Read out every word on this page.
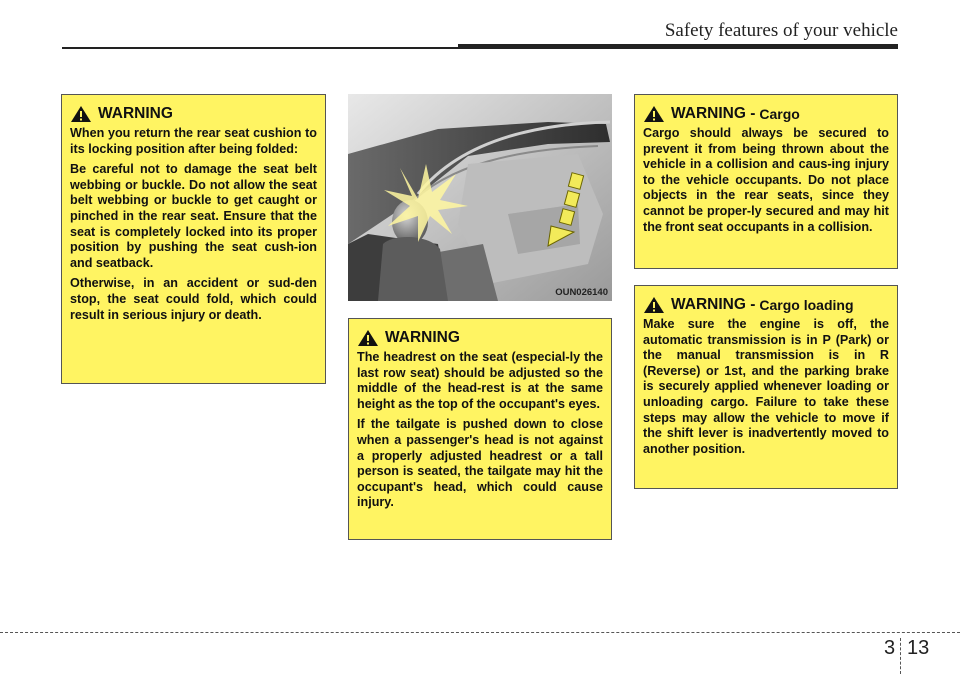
Safety features of your vehicle
WARNING

When you return the rear seat cushion to its locking position after being folded:

Be careful not to damage the seat belt webbing or buckle. Do not allow the seat belt webbing or buckle to get caught or pinched in the rear seat. Ensure that the seat is completely locked into its proper position by pushing the seat cush-ion and seatback.

Otherwise, in an accident or sud-den stop, the seat could fold, which could result in serious injury or death.

OUN026140
WARNING

The headrest on the seat (especial-ly the last row seat) should be adjusted so the middle of the head-rest is at the same height as the top of the occupant's eyes.

If the tailgate is pushed down to close when a passenger's head is not against a properly adjusted headrest or a tall person is seated, the tailgate may hit the occupant's head, which could cause injury.

WARNING - Cargo

Cargo should always be secured to prevent it from being thrown about the vehicle in a collision and caus-ing injury to the vehicle occupants. Do not place objects in the rear seats, since they cannot be proper-ly secured and may hit the front seat occupants in a collision.

WARNING - Cargo loading

Make sure the engine is off, the automatic transmission is in P (Park) or the manual transmission is in R (Reverse) or 1st, and the parking brake is securely applied whenever loading or unloading cargo. Failure to take these steps may allow the vehicle to move if the shift lever is inadvertently moved to another position.

3 13
